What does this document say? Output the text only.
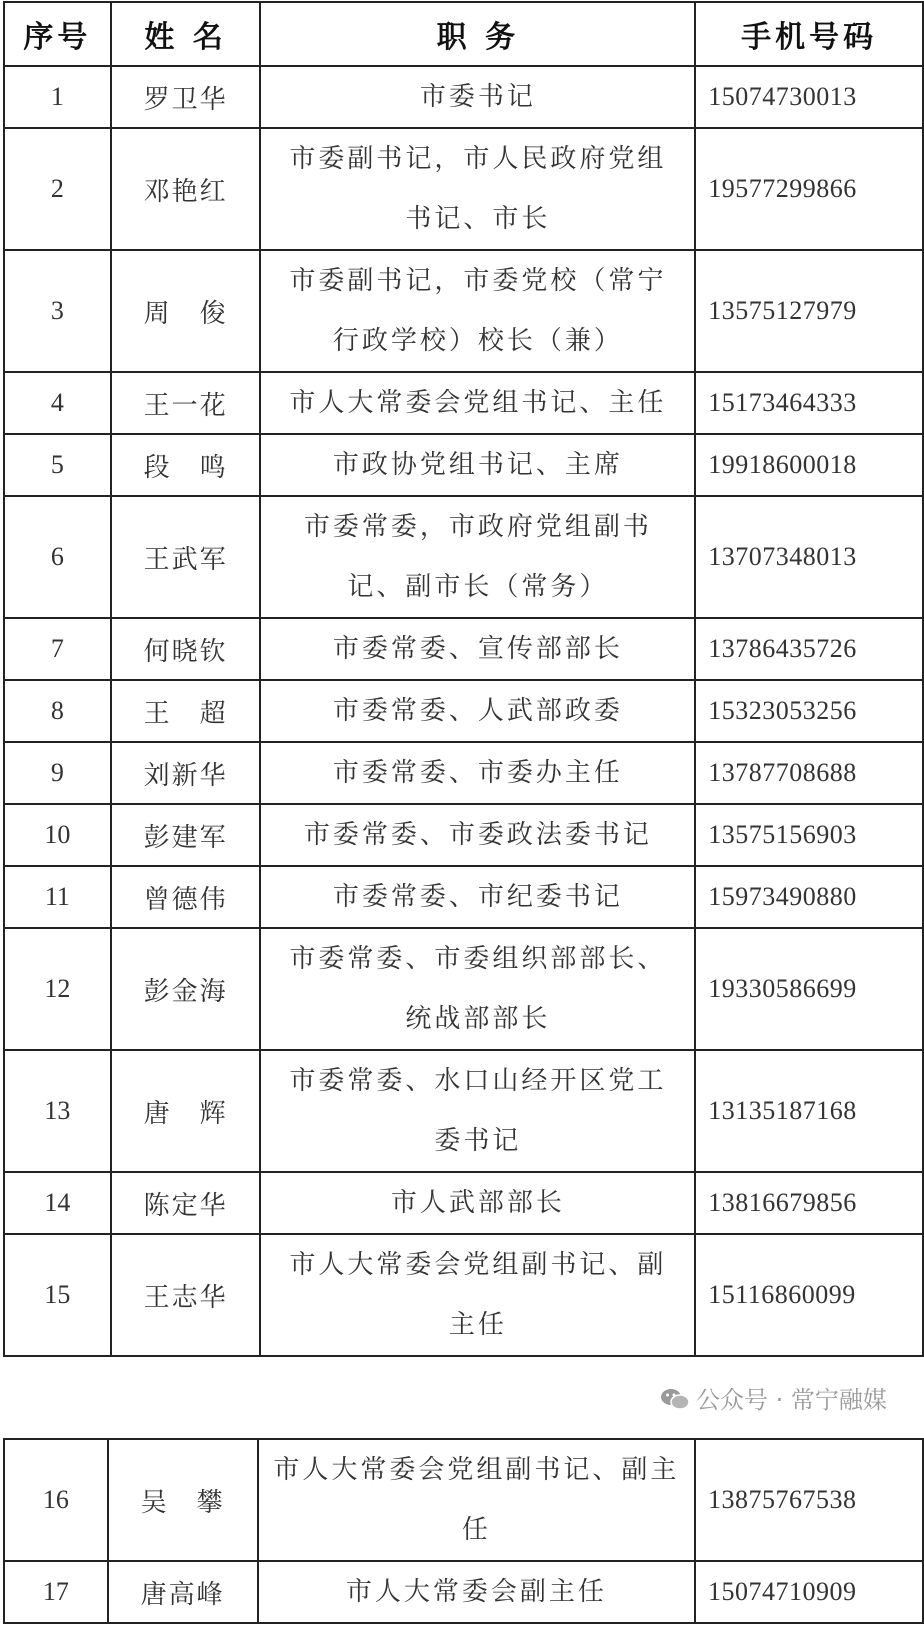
序号	姓 名	职 务	手机号码
1	罗卫华	市委书记	15074730013
2	邓艳红	市委副书记，市人民政府党组书记、市长	19577299866
3	周　俊	市委副书记，市委党校（常宁行政学校）校长（兼）	13575127979
4	王一花	市人大常委会党组书记、主任	15173464333
5	段　鸣	市政协党组书记、主席	19918600018
6	王武军	市委常委，市政府党组副书记、副市长（常务）	13707348013
7	何晓钦	市委常委、宣传部部长	13786435726
8	王　超	市委常委、人武部政委	15323053256
9	刘新华	市委常委、市委办主任	13787708688
10	彭建军	市委常委、市委政法委书记	13575156903
11	曾德伟	市委常委、市纪委书记	15973490880
12	彭金海	市委常委、市委组织部部长、统战部部长	19330586699
13	唐　辉	市委常委、水口山经开区党工委书记	13135187168
14	陈定华	市人武部部长	13816679856
15	王志华	市人大常委会党组副书记、副主任	15116860099
16	吴　攀	市人大常委会党组副书记、副主任	13875767538
17	唐高峰	市人大常委会副主任	15074710909
公众号 · 常宁融媒
